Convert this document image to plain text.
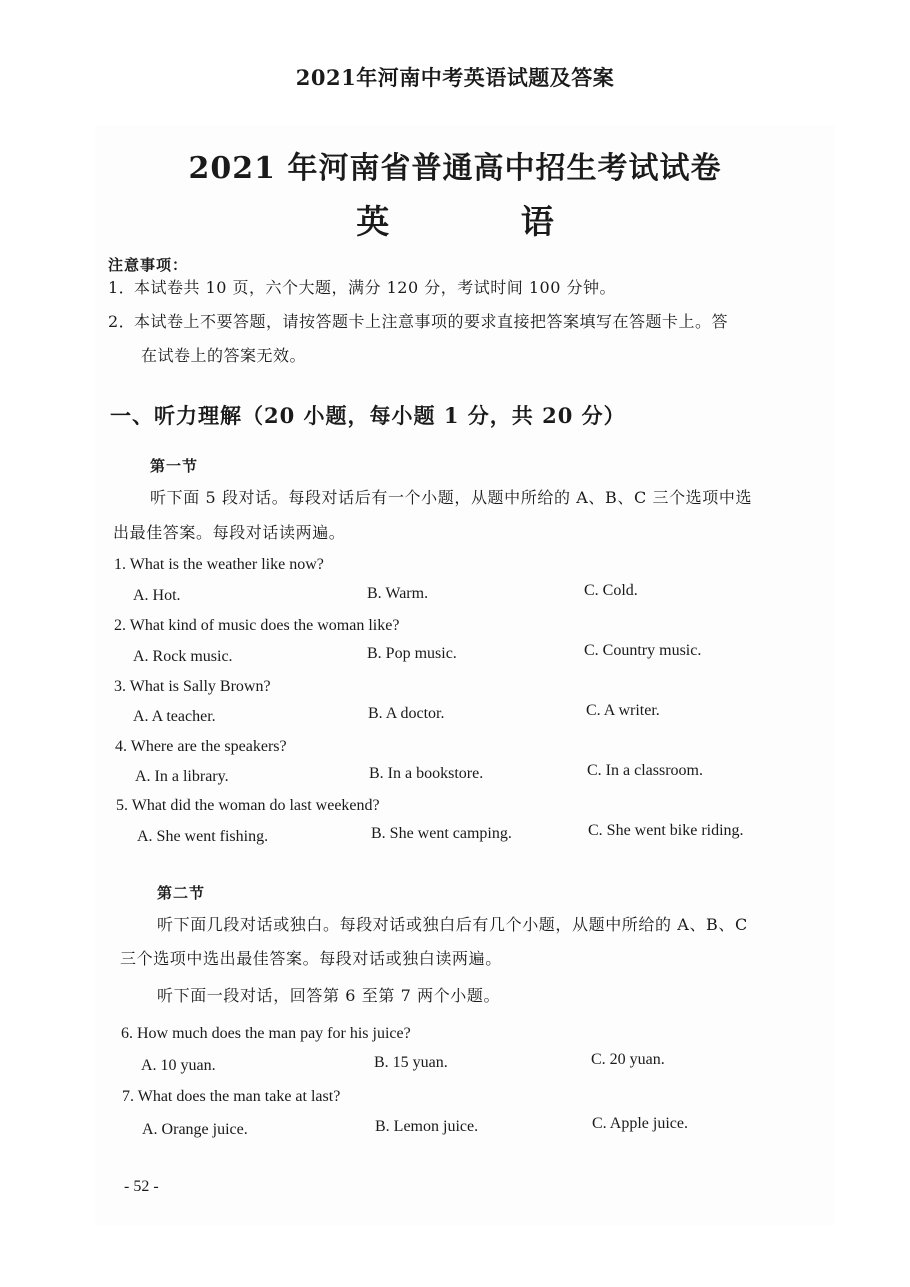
2021年河南中考英语试题及答案
2021 年河南省普通高中招生考试试卷
英 语
注意事项：
1．本试卷共 10 页，六个大题，满分 120 分，考试时间 100 分钟。
2．本试卷上不要答题，请按答题卡上注意事项的要求直接把答案填写在答题卡上。答
在试卷上的答案无效。
一、听力理解（20 小题，每小题 1 分，共 20 分）
第一节
听下面 5 段对话。每段对话后有一个小题，从题中所给的 A、B、C 三个选项中选
出最佳答案。每段对话读两遍。
1. What is the weather like now?
A. Hot.	B. Warm.	C. Cold.
2. What kind of music does the woman like?
A. Rock music.	B. Pop music.	C. Country music.
3. What is Sally Brown?
A. A teacher.	B. A doctor.	C. A writer.
4. Where are the speakers?
A. In a library.	B. In a bookstore.	C. In a classroom.
5. What did the woman do last weekend?
A. She went fishing.	B. She went camping.	C. She went bike riding.
第二节
听下面几段对话或独白。每段对话或独白后有几个小题，从题中所给的 A、B、C
三个选项中选出最佳答案。每段对话或独白读两遍。
听下面一段对话，回答第 6 至第 7 两个小题。
6. How much does the man pay for his juice?
A. 10 yuan.	B. 15 yuan.	C. 20 yuan.
7. What does the man take at last?
A. Orange juice.	B. Lemon juice.	C. Apple juice.
- 52 -
